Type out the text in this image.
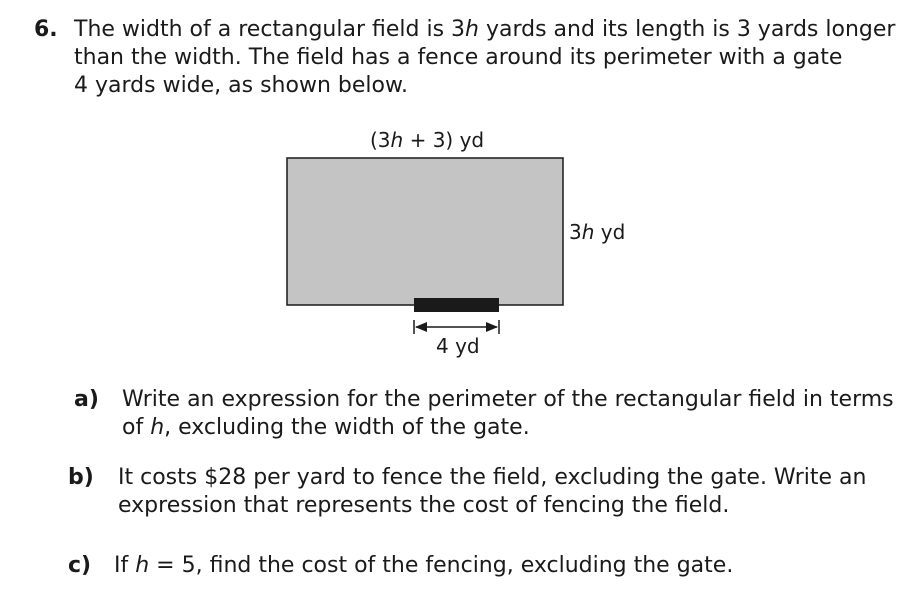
6. The width of a rectangular field is 3h yards and its length is 3 yards longer
than the width. The field has a fence around its perimeter with a gate
4 yards wide, as shown below.
(3h + 3) yd
3h yd
4 yd
a) Write an expression for the perimeter of the rectangular field in terms
of h, excluding the width of the gate.
b) It costs $28 per yard to fence the field, excluding the gate. Write an
expression that represents the cost of fencing the field.
c) If h = 5, find the cost of the fencing, excluding the gate.
